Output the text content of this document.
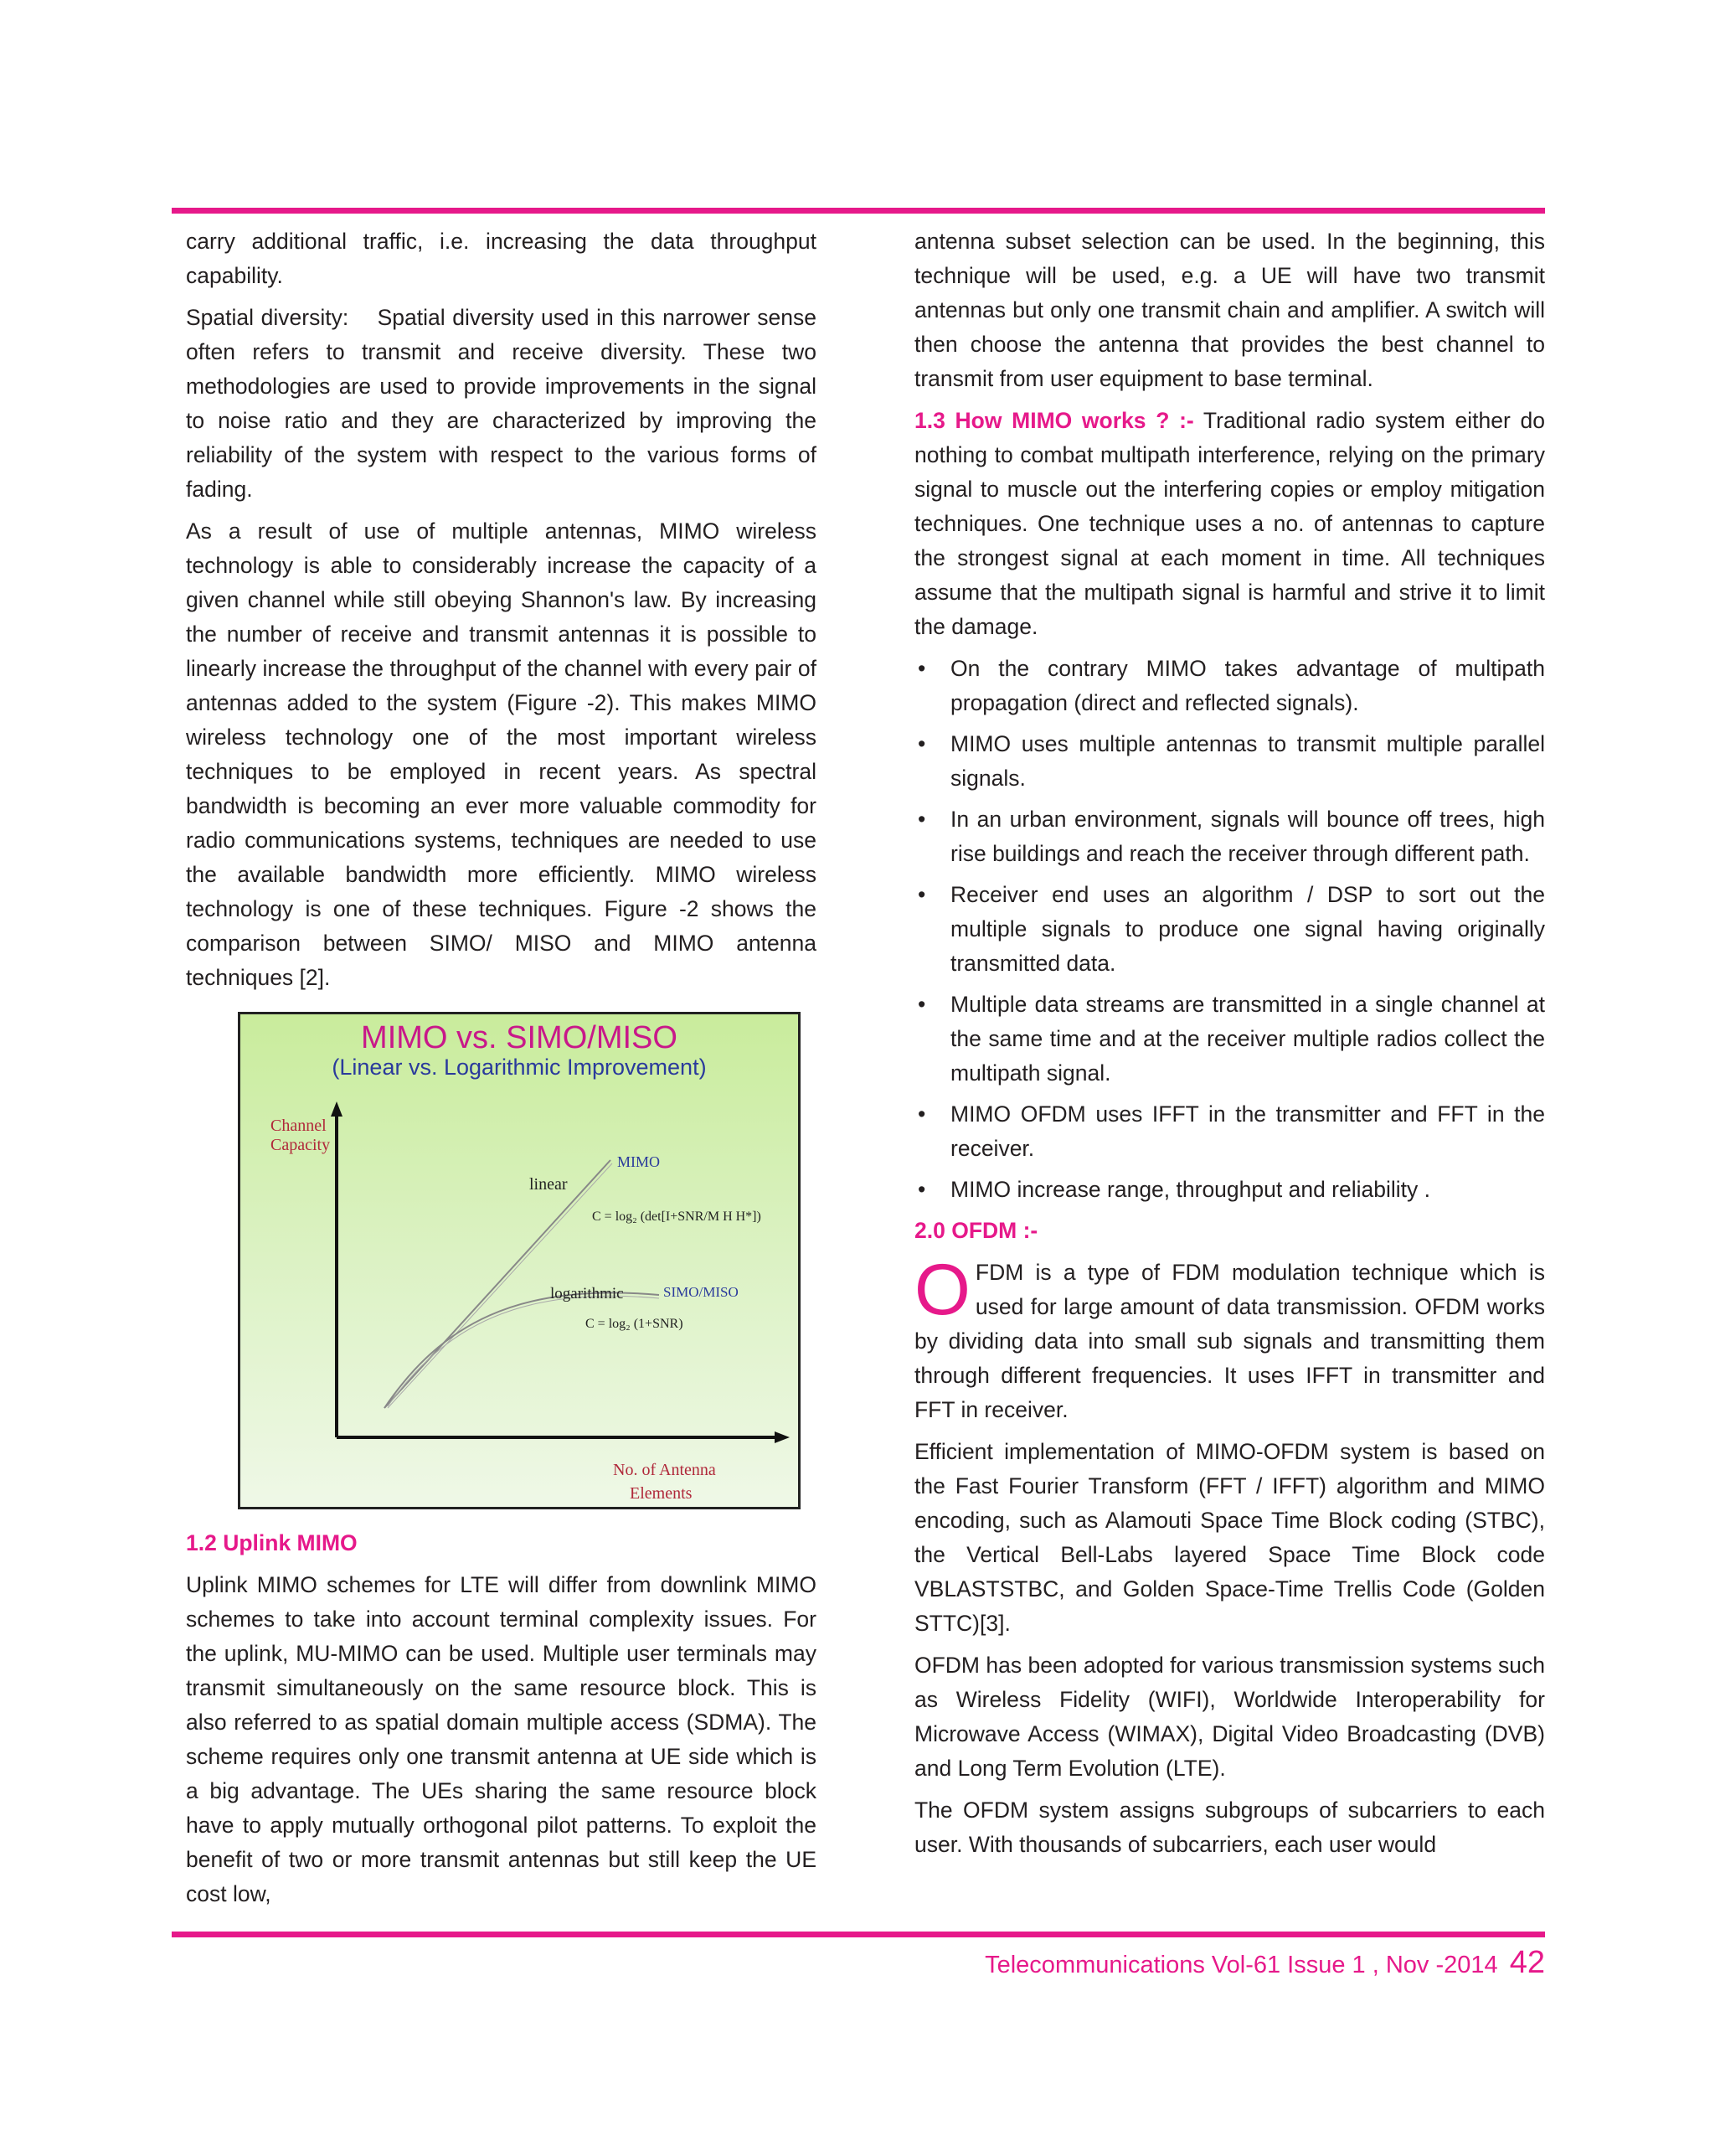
carry additional traffic, i.e. increasing the data throughput capability.

Spatial diversity: Spatial diversity used in this narrower sense often refers to transmit and receive diversity. These two methodologies are used to provide improvements in the signal to noise ratio and they are characterized by improving the reliability of the system with respect to the various forms of fading.

As a result of use of multiple antennas, MIMO wireless technology is able to considerably increase the capacity of a given channel while still obeying Shannon's law. By increasing the number of receive and transmit antennas it is possible to linearly increase the throughput of the channel with every pair of antennas added to the system (Figure -2). This makes MIMO wireless technology one of the most important wireless techniques to be employed in recent years. As spectral bandwidth is becoming an ever more valuable commodity for radio communications systems, techniques are needed to use the available bandwidth more efficiently. MIMO wireless technology is one of these techniques. Figure -2 shows the comparison between SIMO/ MISO and MIMO antenna techniques [2].

MIMO vs. SIMO/MISO
(Linear vs. Logarithmic Improvement)
Channel
Capacity
No. of Antenna
Elements
MIMO
linear
C = log₂ (det[I+SNR/M H H*])
logarithmic	SIMO/MISO
C = log₂ (1+SNR)

1.2 Uplink MIMO

Uplink MIMO schemes for LTE will differ from downlink MIMO schemes to take into account terminal complexity issues. For the uplink, MU-MIMO can be used. Multiple user terminals may transmit simultaneously on the same resource block. This is also referred to as spatial domain multiple access (SDMA). The scheme requires only one transmit antenna at UE side which is a big advantage. The UEs sharing the same resource block have to apply mutually orthogonal pilot patterns. To exploit the benefit of two or more transmit antennas but still keep the UE cost low,

antenna subset selection can be used. In the beginning, this technique will be used, e.g. a UE will have two transmit antennas but only one transmit chain and amplifier. A switch will then choose the antenna that provides the best channel to transmit from user equipment to base terminal.

1.3 How MIMO works ? :- Traditional radio system either do nothing to combat multipath interference, relying on the primary signal to muscle out the interfering copies or employ mitigation techniques. One technique uses a no. of antennas to capture the strongest signal at each moment in time. All techniques assume that the multipath signal is harmful and strive it to limit the damage.

• On the contrary MIMO takes advantage of multipath propagation (direct and reflected signals).
• MIMO uses multiple antennas to transmit multiple parallel signals.
• In an urban environment, signals will bounce off trees, high rise buildings and reach the receiver through different path.
• Receiver end uses an algorithm / DSP to sort out the multiple signals to produce one signal having originally transmitted data.
• Multiple data streams are transmitted in a single channel at the same time and at the receiver multiple radios collect the multipath signal.
• MIMO OFDM uses IFFT in the transmitter and FFT in the receiver.
• MIMO increase range, throughput and reliability .

2.0 OFDM :-

OFDM is a type of FDM modulation technique which is used for large amount of data transmission. OFDM works by dividing data into small sub signals and transmitting them through different frequencies. It uses IFFT in transmitter and FFT in receiver.

Efficient implementation of MIMO-OFDM system is based on the Fast Fourier Transform (FFT / IFFT) algorithm and MIMO encoding, such as Alamouti Space Time Block coding (STBC), the Vertical Bell-Labs layered Space Time Block code VBLASTSTBC, and Golden Space-Time Trellis Code (Golden STTC)[3].

OFDM has been adopted for various transmission systems such as Wireless Fidelity (WIFI), Worldwide Interoperability for Microwave Access (WIMAX), Digital Video Broadcasting (DVB) and Long Term Evolution (LTE).

The OFDM system assigns subgroups of subcarriers to each user. With thousands of subcarriers, each user would

Telecommunications Vol-61 Issue 1 , Nov -2014 42
